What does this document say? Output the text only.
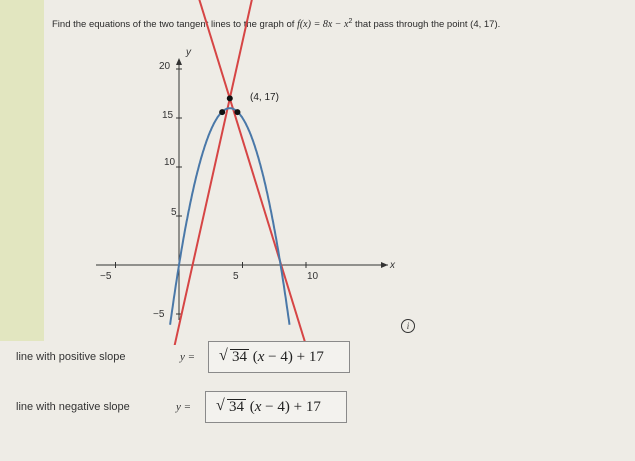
Find the equations of the two tangent lines to the graph of $f(x) = 8x - x^2$ that pass through the point (4, 17).
y
x
20
15
10
5
−5
−5	5	10
(4, 17)
i
line with positive slope	y = √ 34 (x − 4) + 17
line with negative slope	y = √ 34 (x − 4) + 17
